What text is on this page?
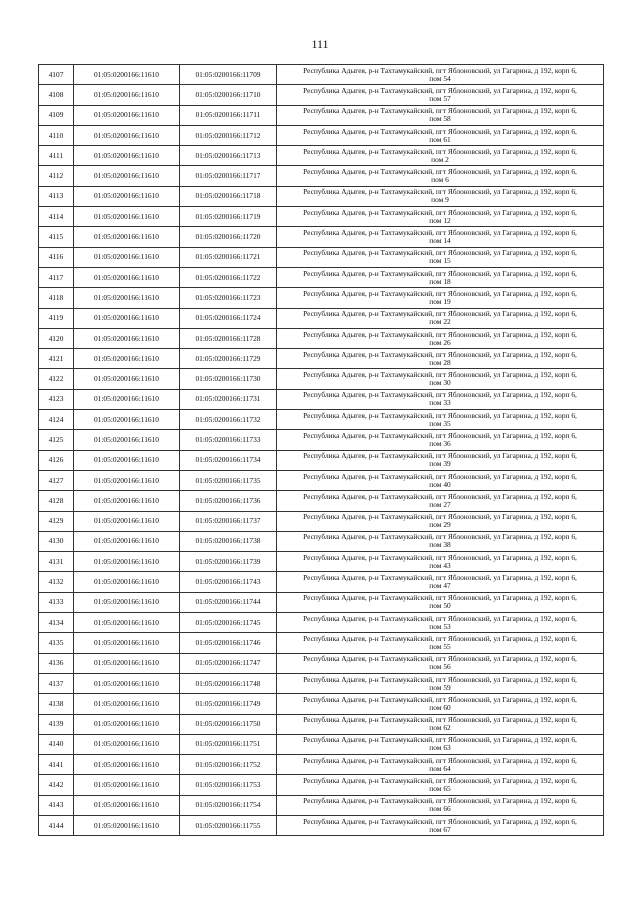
111
4107	01:05:0200166:11610	01:05:0200166:11709	Республика Адыгея, р-н Тахтамукайский, пгт Яблоновский, ул Гагарина, д 192, корп 6,
пом 54

4108	01:05:0200166:11610	01:05:0200166:11710	Республика Адыгея, р-н Тахтамукайский, пгт Яблоновский, ул Гагарина, д 192, корп 6,
пом 57

4109	01:05:0200166:11610	01:05:0200166:11711	Республика Адыгея, р-н Тахтамукайский, пгт Яблоновский, ул Гагарина, д 192, корп 6,
пом 58

4110	01:05:0200166:11610	01:05:0200166:11712	Республика Адыгея, р-н Тахтамукайский, пгт Яблоновский, ул Гагарина, д 192, корп 6,
пом 61

4111	01:05:0200166:11610	01:05:0200166:11713	Республика Адыгея, р-н Тахтамукайский, пгт Яблоновский, ул Гагарина, д 192, корп 6,
пом 2

4112	01:05:0200166:11610	01:05:0200166:11717	Республика Адыгея, р-н Тахтамукайский, пгт Яблоновский, ул Гагарина, д 192, корп 6,
пом 6

4113	01:05:0200166:11610	01:05:0200166:11718	Республика Адыгея, р-н Тахтамукайский, пгт Яблоновский, ул Гагарина, д 192, корп 6,
пом 9

4114	01:05:0200166:11610	01:05:0200166:11719	Республика Адыгея, р-н Тахтамукайский, пгт Яблоновский, ул Гагарина, д 192, корп 6,
пом 12

4115	01:05:0200166:11610	01:05:0200166:11720	Республика Адыгея, р-н Тахтамукайский, пгт Яблоновский, ул Гагарина, д 192, корп 6,
пом 14

4116	01:05:0200166:11610	01:05:0200166:11721	Республика Адыгея, р-н Тахтамукайский, пгт Яблоновский, ул Гагарина, д 192, корп 6,
пом 15

4117	01:05:0200166:11610	01:05:0200166:11722	Республика Адыгея, р-н Тахтамукайский, пгт Яблоновский, ул Гагарина, д 192, корп 6,
пом 18

4118	01:05:0200166:11610	01:05:0200166:11723	Республика Адыгея, р-н Тахтамукайский, пгт Яблоновский, ул Гагарина, д 192, корп 6,
пом 19

4119	01:05:0200166:11610	01:05:0200166:11724	Республика Адыгея, р-н Тахтамукайский, пгт Яблоновский, ул Гагарина, д 192, корп 6,
пом 22

4120	01:05:0200166:11610	01:05:0200166:11728	Республика Адыгея, р-н Тахтамукайский, пгт Яблоновский, ул Гагарина, д 192, корп 6,
пом 26

4121	01:05:0200166:11610	01:05:0200166:11729	Республика Адыгея, р-н Тахтамукайский, пгт Яблоновский, ул Гагарина, д 192, корп 6,
пом 28

4122	01:05:0200166:11610	01:05:0200166:11730	Республика Адыгея, р-н Тахтамукайский, пгт Яблоновский, ул Гагарина, д 192, корп 6,
пом 30

4123	01:05:0200166:11610	01:05:0200166:11731	Республика Адыгея, р-н Тахтамукайский, пгт Яблоновский, ул Гагарина, д 192, корп 6,
пом 33

4124	01:05:0200166:11610	01:05:0200166:11732	Республика Адыгея, р-н Тахтамукайский, пгт Яблоновский, ул Гагарина, д 192, корп 6,
пом 35

4125	01:05:0200166:11610	01:05:0200166:11733	Республика Адыгея, р-н Тахтамукайский, пгт Яблоновский, ул Гагарина, д 192, корп 6,
пом 36

4126	01:05:0200166:11610	01:05:0200166:11734	Республика Адыгея, р-н Тахтамукайский, пгт Яблоновский, ул Гагарина, д 192, корп 6,
пом 39

4127	01:05:0200166:11610	01:05:0200166:11735	Республика Адыгея, р-н Тахтамукайский, пгт Яблоновский, ул Гагарина, д 192, корп 6,
пом 40

4128	01:05:0200166:11610	01:05:0200166:11736	Республика Адыгея, р-н Тахтамукайский, пгт Яблоновский, ул Гагарина, д 192, корп 6,
пом 27

4129	01:05:0200166:11610	01:05:0200166:11737	Республика Адыгея, р-н Тахтамукайский, пгт Яблоновский, ул Гагарина, д 192, корп 6,
пом 29

4130	01:05:0200166:11610	01:05:0200166:11738	Республика Адыгея, р-н Тахтамукайский, пгт Яблоновский, ул Гагарина, д 192, корп 6,
пом 38

4131	01:05:0200166:11610	01:05:0200166:11739	Республика Адыгея, р-н Тахтамукайский, пгт Яблоновский, ул Гагарина, д 192, корп 6,
пом 43

4132	01:05:0200166:11610	01:05:0200166:11743	Республика Адыгея, р-н Тахтамукайский, пгт Яблоновский, ул Гагарина, д 192, корп 6,
пом 47

4133	01:05:0200166:11610	01:05:0200166:11744	Республика Адыгея, р-н Тахтамукайский, пгт Яблоновский, ул Гагарина, д 192, корп 6,
пом 50

4134	01:05:0200166:11610	01:05:0200166:11745	Республика Адыгея, р-н Тахтамукайский, пгт Яблоновский, ул Гагарина, д 192, корп 6,
пом 53

4135	01:05:0200166:11610	01:05:0200166:11746	Республика Адыгея, р-н Тахтамукайский, пгт Яблоновский, ул Гагарина, д 192, корп 6,
пом 55

4136	01:05:0200166:11610	01:05:0200166:11747	Республика Адыгея, р-н Тахтамукайский, пгт Яблоновский, ул Гагарина, д 192, корп 6,
пом 56

4137	01:05:0200166:11610	01:05:0200166:11748	Республика Адыгея, р-н Тахтамукайский, пгт Яблоновский, ул Гагарина, д 192, корп 6,
пом 59

4138	01:05:0200166:11610	01:05:0200166:11749	Республика Адыгея, р-н Тахтамукайский, пгт Яблоновский, ул Гагарина, д 192, корп 6,
пом 60

4139	01:05:0200166:11610	01:05:0200166:11750	Республика Адыгея, р-н Тахтамукайский, пгт Яблоновский, ул Гагарина, д 192, корп 6,
пом 62

4140	01:05:0200166:11610	01:05:0200166:11751	Республика Адыгея, р-н Тахтамукайский, пгт Яблоновский, ул Гагарина, д 192, корп 6,
пом 63

4141	01:05:0200166:11610	01:05:0200166:11752	Республика Адыгея, р-н Тахтамукайский, пгт Яблоновский, ул Гагарина, д 192, корп 6,
пом 64

4142	01:05:0200166:11610	01:05:0200166:11753	Республика Адыгея, р-н Тахтамукайский, пгт Яблоновский, ул Гагарина, д 192, корп 6,
пом 65

4143	01:05:0200166:11610	01:05:0200166:11754	Республика Адыгея, р-н Тахтамукайский, пгт Яблоновский, ул Гагарина, д 192, корп 6,
пом 66

4144	01:05:0200166:11610	01:05:0200166:11755	Республика Адыгея, р-н Тахтамукайский, пгт Яблоновский, ул Гагарина, д 192, корп 6,
пом 67
